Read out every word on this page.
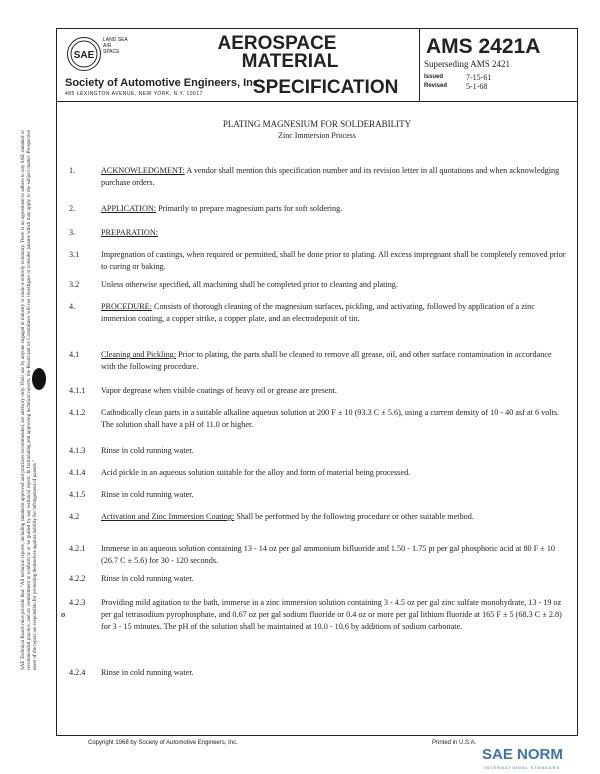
SAE Technical Board rules provide that: "All technical reports, including standards approved and practices recommended, are advisory only. Their use by anyone engaged in industry or trade is entirely voluntary. There is no agreement to adhere to any SAE standard or recommended practice, and no commitment to conform to or be guided by any technical report. In formulating and approving technical reports, the Board and its Committees will not investigate or consider patents which may apply to the subject matter. Prospective users of the report are responsible for protecting themselves against liability for infringement of patents."

SAE
LAND SEA AIR SPACE	AEROSPACE
MATERIAL
Society of Automotive Engineers, Inc.
485 LEXINGTON AVENUE, NEW YORK, N.Y. 10017	SPECIFICATION
AMS 2421A
Superseding AMS 2421
Issued	7-15-61
Revised	5-1-68
PLATING MAGNESIUM FOR SOLDERABILITY
Zinc Immersion Process
1.	ACKNOWLEDGMENT: A vendor shall mention this specification number and its revision letter in all quotations and when acknowledging purchase orders.
2.	APPLICATION: Primarily to prepare magnesium parts for soft soldering.
3.	PREPARATION:
3.1	Impregnation of castings, when required or permitted, shall be done prior to plating. All excess impregnant shall be completely removed prior to curing or baking.
3.2	Unless otherwise specified, all machining shall be completed prior to cleaning and plating.
4.	PROCEDURE: Consists of thorough cleaning of the magnesium surfaces, pickling, and activating, followed by application of a zinc immersion coating, a copper strike, a copper plate, and an electrodeposit of tin.
4.1	Cleaning and Pickling: Prior to plating, the parts shall be cleaned to remove all grease, oil, and other surface contamination in accordance with the following procedure.
4.1.1 Vapor degrease when visible coatings of heavy oil or grease are present.
4.1.2 Cathodically clean parts in a suitable alkaline aqueous solution at 200 F ± 10 (93.3 C ± 5.6), using a current density of 10 - 40 asf at 6 volts. The solution shall have a pH of 11.0 or higher.
4.1.3 Rinse in cold running water.
4.1.4 Acid pickle in an aqueous solution suitable for the alloy and form of material being processed.
4.1.5 Rinse in cold running water.
4.2	Activation and Zinc Immersion Coating: Shall be performed by the following procedure or other suitable method.
4.2.1 Immerse in an aqueous solution containing 13 - 14 oz per gal ammonium bifluoride and 1.50 - 1.75 pt per gal phosphoric acid at 80 F ± 10 (26.7 C ± 5.6) for 30 - 120 seconds.
4.2.2 Rinse in cold running water.
4.2.3 Providing mild agitation to the bath, immerse in a zinc immersion solution containing 3 - 4.5 oz per gal zinc sulfate monohydrate, 13 - 19 oz per gal tetrasodium pyrophosphate, and 0.67 oz per gal sodium fluoride or 0.4 oz or more per gal lithium fluoride at 165 F ± 5 (68.3 C ± 2.8) for 3 - 15 minutes. The pH of the solution shall be maintained at 10.0 - 10.6 by additions of sodium carbonate.
ø
4.2.4 Rinse in cold running water.
Copyright 1968 by Society of Automotive Engineers, Inc.	Printed in U.S.A.
SAE NORM
INTERNATIONAL STANDARD
